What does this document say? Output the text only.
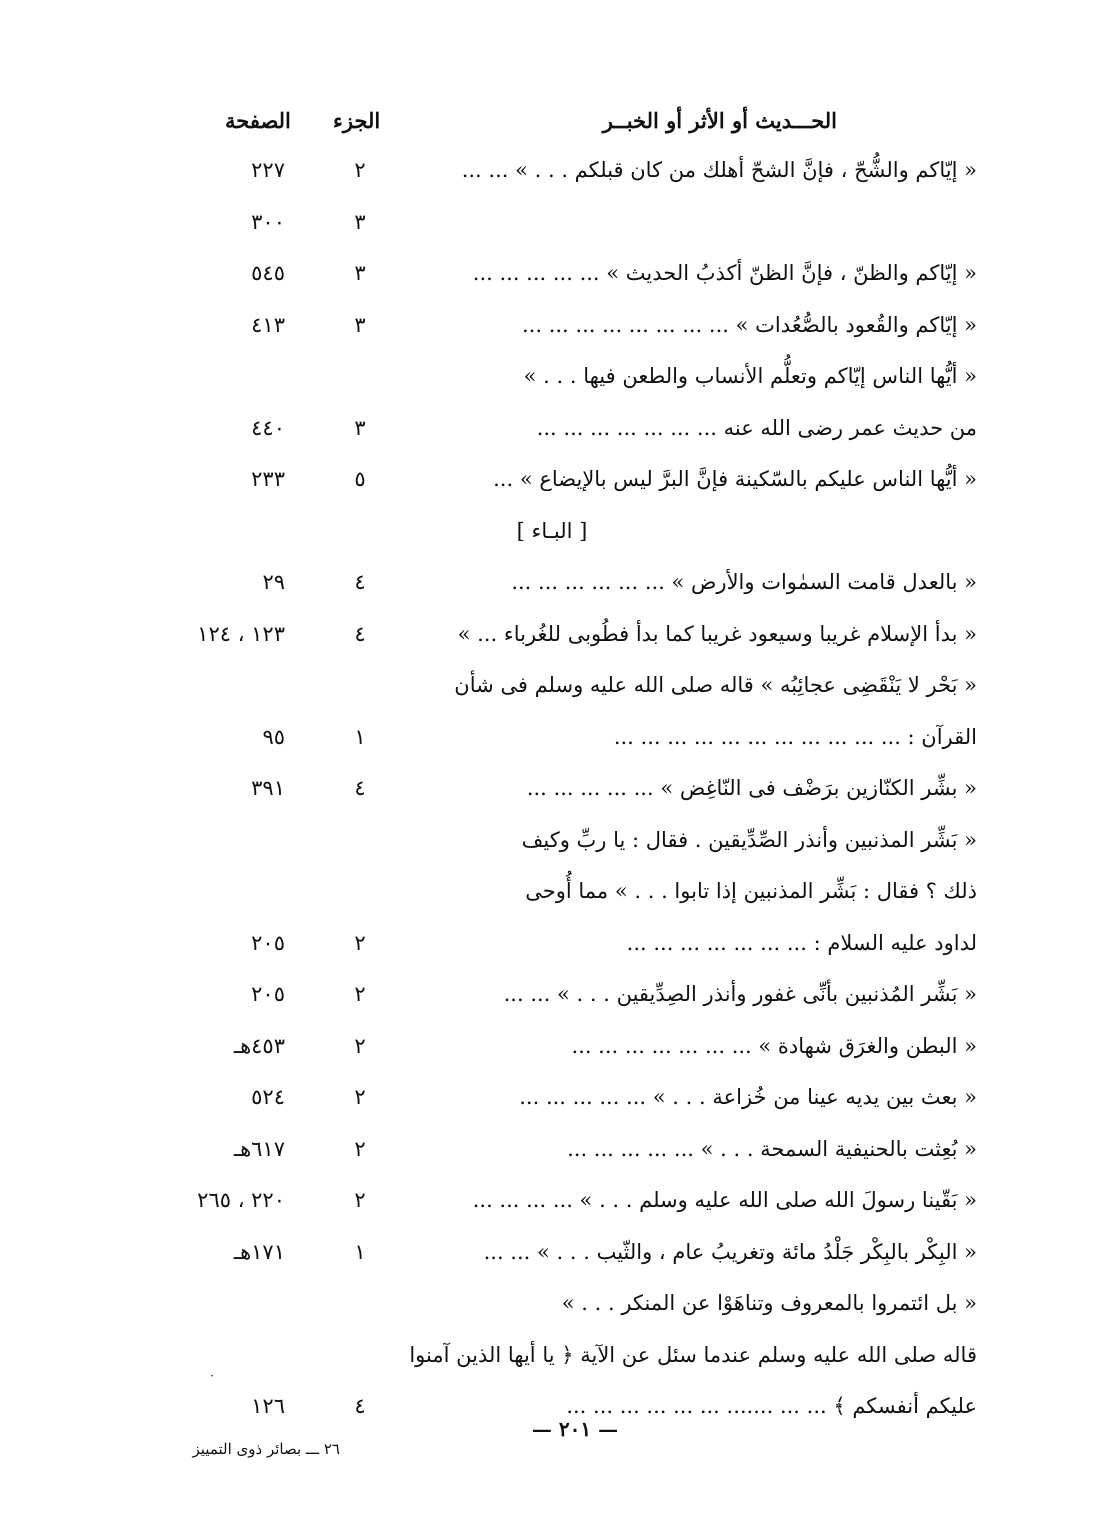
الحـــديث أو الأثر أو الخبــر
الجزء
الصفحة
« إيّاكم والشُّحّ ، فإنَّ الشحّ أهلك من كان قبلكم . . . » ... ...
٢
٢٢٧
٣
٣٠٠
« إيّاكم والظنّ ، فإنَّ الظنّ أكذبُ الحديث » ... ... ... ... ...
٣
٥٤٥
« إيّاكم والقُعود بالصُّعُدات » ... ... ... ... ... ... ... ...
٣
٤١٣
« أيُّها الناس إيّاكم وتعلُّم الأنساب والطعن فيها . . . »
من حديث عمر رضى الله عنه ... ... ... ... ... ... ...
٣
٤٤٠
« أيُّها الناس عليكم بالسّكينة فإنَّ البرَّ ليس بالإيضاع » ...
٥
٢٣٣
[ البـاء ]
« بالعدل قامت السمٰوات والأرض » ... ... ... ... ... ...
٤
٢٩
« بدأ الإسلام غريبا وسيعود غريبا كما بدأ فطُوبى للغُرباء ... »
٤
١٢٣ ، ١٢٤
« بَحْر لا يَنْقَضِى عجائِبُه » قاله صلى الله عليه وسلم فى شأن
القرآن : ... ... ... ... ... ... ... ... ... ... ...
١
٩٥
« بشِّر الكنّازين برَضْف فى النّاغِض » ... ... ... ... ...
٤
٣٩١
« بَشِّر المذنبين وأنذر الصِّدِّيقين . فقال : يا ربِّ وكيف
ذلك ؟ فقال : بَشِّر المذنبين إذا تابوا . . . » مما أُوحى
لداود عليه السلام : ... ... ... ... ... ... ...
٢
٢٠٥
« بَشِّر المُذنبين بأنِّى غفور وأنذر الصِدِّيقين . . . » ... ...
٢
٢٠٥
« البطن والغرَق شهادة » ... ... ... ... ... ... ...
٢
٤٥٣هـ
« بعث بين يديه عينا من خُزاعة . . . » ... ... ... ... ...
٢
٥٢٤
« بُعِثت بالحنيفية السمحة . . . » ... ... ... ... ...
٢
٦١٧هـ
« بَقّينا رسولَ الله صلى الله عليه وسلم . . . » ... ... ... ...
٢
٢٢٠ ، ٢٦٥
« البِكْر بالبِكْر جَلْدُ مائة وتغريبُ عام ، والثّيب . . . » ... ...
١
١٧١هـ
« بل ائتمروا بالمعروف وتناهَوْا عن المنكر . . . »
قاله صلى الله عليه وسلم عندما سئل عن الآية ﴿ يا أيها الذين آمنوا
عليكم أنفسكم ﴾ ... ... ....... ... ... ... ... ... ...
٤
١٢٦
·
— ٢٠١ —
٢٦ ـــ بصائر ذوى التمييز
